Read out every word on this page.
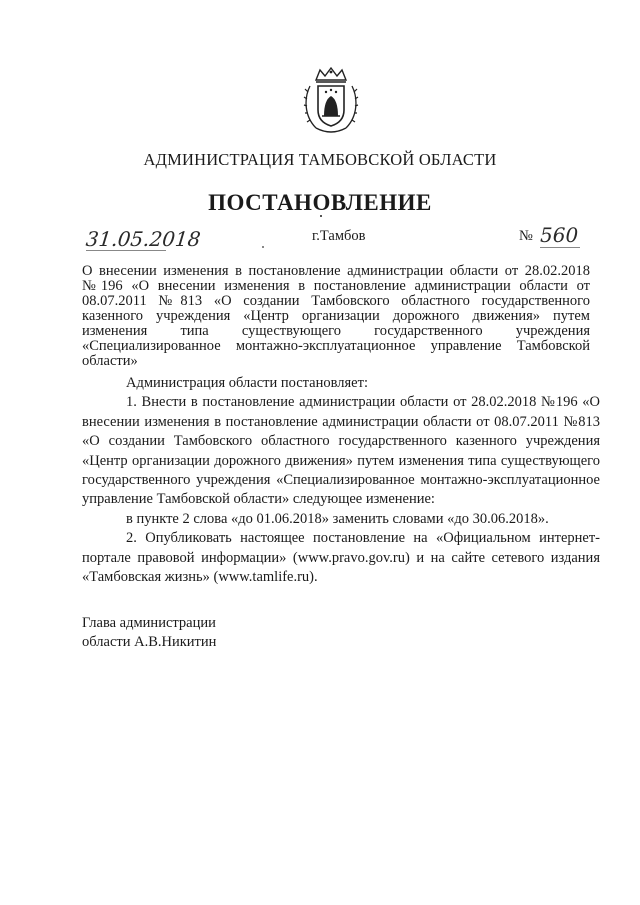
АДМИНИСТРАЦИЯ ТАМБОВСКОЙ ОБЛАСТИ
ПОСТАНОВЛЕНИЕ
31.05.2018	г.Тамбов	№ 560
О внесении изменения в постановление администрации области от 28.02.2018 №196 «О внесении изменения в постановление администрации области от 08.07.2011 №813 «О создании Тамбовского областного государственного казенного учреждения «Центр организации дорожного движения» путем изменения типа существующего государственного учреждения «Специализированное монтажно-эксплуатационное управление Тамбовской области»

Администрация области постановляет:

1. Внести в постановление администрации области от 28.02.2018 №196 «О внесении изменения в постановление администрации области от 08.07.2011 №813 «О создании Тамбовского областного государственного казенного учреждения «Центр организации дорожного движения» путем изменения типа существующего государственного учреждения «Специализированное монтажно-эксплуатационное управление Тамбовской области» следующее изменение:

в пункте 2 слова «до 01.06.2018» заменить словами «до 30.06.2018».

2. Опубликовать настоящее постановление на «Официальном интернет-портале правовой информации» (www.pravo.gov.ru) и на сайте сетевого издания «Тамбовская жизнь» (www.tamlife.ru).

Глава администрации
области А.В.Никитин
